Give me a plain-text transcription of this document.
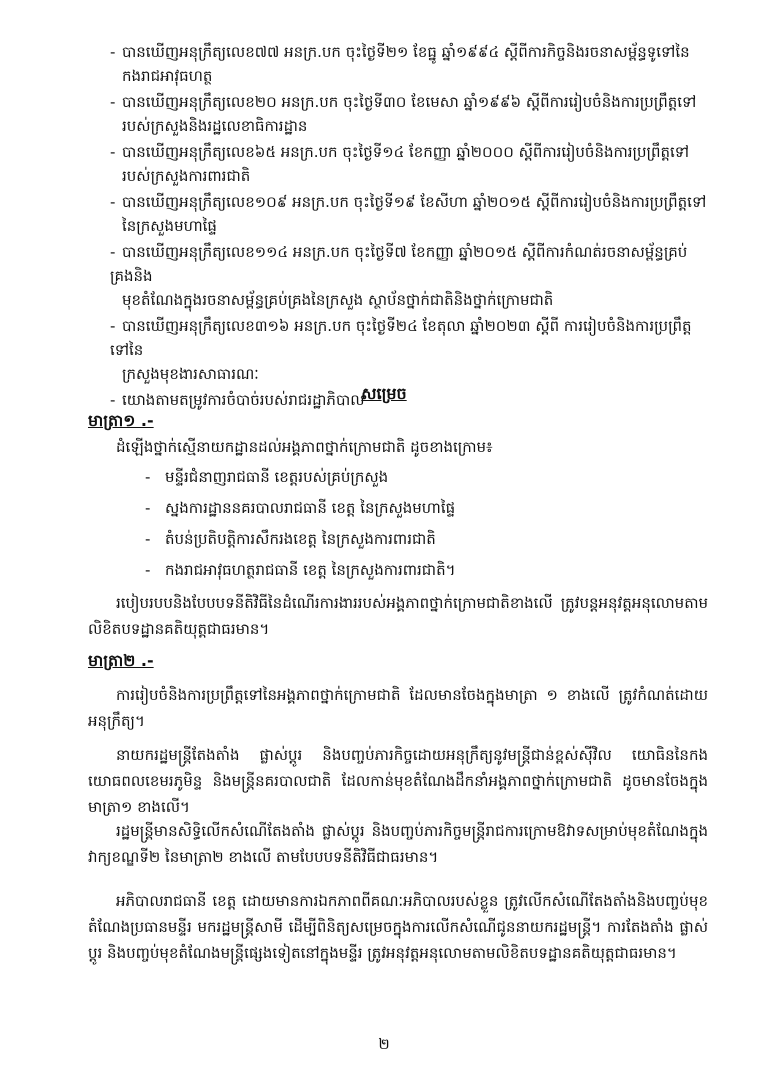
- បានឃើញអនុក្រឹត្យលេខ៧៧ អនក្រ.បក ចុះថ្ងៃទី២១ ខែធ្នូ ឆ្នាំ១៩៩៤ ស្ដីពីការកិច្ចនិងរចនាសម្ព័ន្ធទូទៅនៃ
កងរាជអាវុធហត្ថ
- បានឃើញអនុក្រឹត្យលេខ២០ អនក្រ.បក ចុះថ្ងៃទី៣០ ខែមេសា ឆ្នាំ១៩៩៦ ស្ដីពីការរៀបចំនិងការប្រព្រឹត្តទៅ
របស់ក្រសួងនិងរដ្ឋលេខាធិការដ្ឋាន
- បានឃើញអនុក្រឹត្យលេខ៦៥ អនក្រ.បក ចុះថ្ងៃទី១៤ ខែកញ្ញា ឆ្នាំ២០០០ ស្ដីពីការរៀបចំនិងការប្រព្រឹត្តទៅ
របស់ក្រសួងការពារជាតិ
- បានឃើញអនុក្រឹត្យលេខ១០៩ អនក្រ.បក ចុះថ្ងៃទី១៩ ខែសីហា ឆ្នាំ២០១៥ ស្ដីពីការរៀបចំនិងការប្រព្រឹត្តទៅ
នៃក្រសួងមហាផ្ទៃ
- បានឃើញអនុក្រឹត្យលេខ១១៤ អនក្រ.បក ចុះថ្ងៃទី៧ ខែកញ្ញា ឆ្នាំ២០១៥ ស្ដីពីការកំណត់រចនាសម្ព័ន្ធគ្រប់គ្រងនិង
មុខតំណែងក្នុងរចនាសម្ព័ន្ធគ្រប់គ្រងនៃក្រសួង ស្ថាប័នថ្នាក់ជាតិនិងថ្នាក់ក្រោមជាតិ
- បានឃើញអនុក្រឹត្យលេខ៣១៦ អនក្រ.បក ចុះថ្ងៃទី២៤ ខែតុលា ឆ្នាំ២០២៣ ស្ដីពី ការរៀបចំនិងការប្រព្រឹត្តទៅនៃ
ក្រសួងមុខងារសាធារណៈ
- យោងតាមតម្រូវការចំបាច់របស់រាជរដ្ឋាភិបាល
សម្រេច
មាត្រា១ .-
ដំឡើងថ្នាក់ស្មើនាយកដ្ឋានដល់អង្គភាពថ្នាក់ក្រោមជាតិ ដូចខាងក្រោម៖
- មន្ទីរជំនាញរាជធានី ខេត្តរបស់គ្រប់ក្រសួង
- ស្នងការដ្ឋាននគរបាលរាជធានី ខេត្ត នៃក្រសួងមហាផ្ទៃ
- តំបន់ប្រតិបត្តិការសឹករងខេត្ត នៃក្រសួងការពារជាតិ
- កងរាជអាវុធហត្ថរាជធានី ខេត្ត នៃក្រសួងការពារជាតិ។
របៀបរបបនិងបែបបទនីតិវិធីនៃដំណើរការងាររបស់អង្គភាពថ្នាក់ក្រោមជាតិខាងលើ ត្រូវបន្តអនុវត្តអនុលោមតាមលិខិតបទដ្ឋានគតិយុត្តជាធរមាន។
មាត្រា២ .-
ការរៀបចំនិងការប្រព្រឹត្តទៅនៃអង្គភាពថ្នាក់ក្រោមជាតិ ដែលមានចែងក្នុងមាត្រា ១ ខាងលើ ត្រូវកំណត់ដោយអនុក្រឹត្យ។
នាយករដ្ឋមន្ត្រីតែងតាំង ផ្លាស់ប្តូរ និងបញ្ចប់ភារកិច្ចដោយអនុក្រឹត្យនូវមន្ត្រីជាន់ខ្ពស់ស៊ីវិល យោធិននៃកងយោធពលខេមរភូមិន្ទ និងមន្ត្រីនគរបាលជាតិ ដែលកាន់មុខតំណែងដឹកនាំអង្គភាពថ្នាក់ក្រោមជាតិ ដូចមានចែងក្នុងមាត្រា១ ខាងលើ។
រដ្ឋមន្ត្រីមានសិទ្ធិលើកសំណើតែងតាំង ផ្លាស់ប្តូរ និងបញ្ចប់ភារកិច្ចមន្ត្រីរាជការក្រោមឱវាទសម្រាប់មុខតំណែងក្នុងវាក្យខណ្ឌទី២ នៃមាត្រា២ ខាងលើ តាមបែបបទនីតិវិធីជាធរមាន។
អភិបាលរាជធានី ខេត្ត ដោយមានការឯកភាពពីគណៈអភិបាលរបស់ខ្លួន ត្រូវលើកសំណើតែងតាំងនិងបញ្ចប់មុខតំណែងប្រធានមន្ទីរ មករដ្ឋមន្ត្រីសាមី ដើម្បីពិនិត្យសម្រេចក្នុងការលើកសំណើជូននាយករដ្ឋមន្ត្រី។ ការតែងតាំង ផ្លាស់ប្តូរ និងបញ្ចប់មុខតំណែងមន្ត្រីផ្សេងទៀតនៅក្នុងមន្ទីរ ត្រូវអនុវត្តអនុលោមតាមលិខិតបទដ្ឋានគតិយុត្តជាធរមាន។
២
